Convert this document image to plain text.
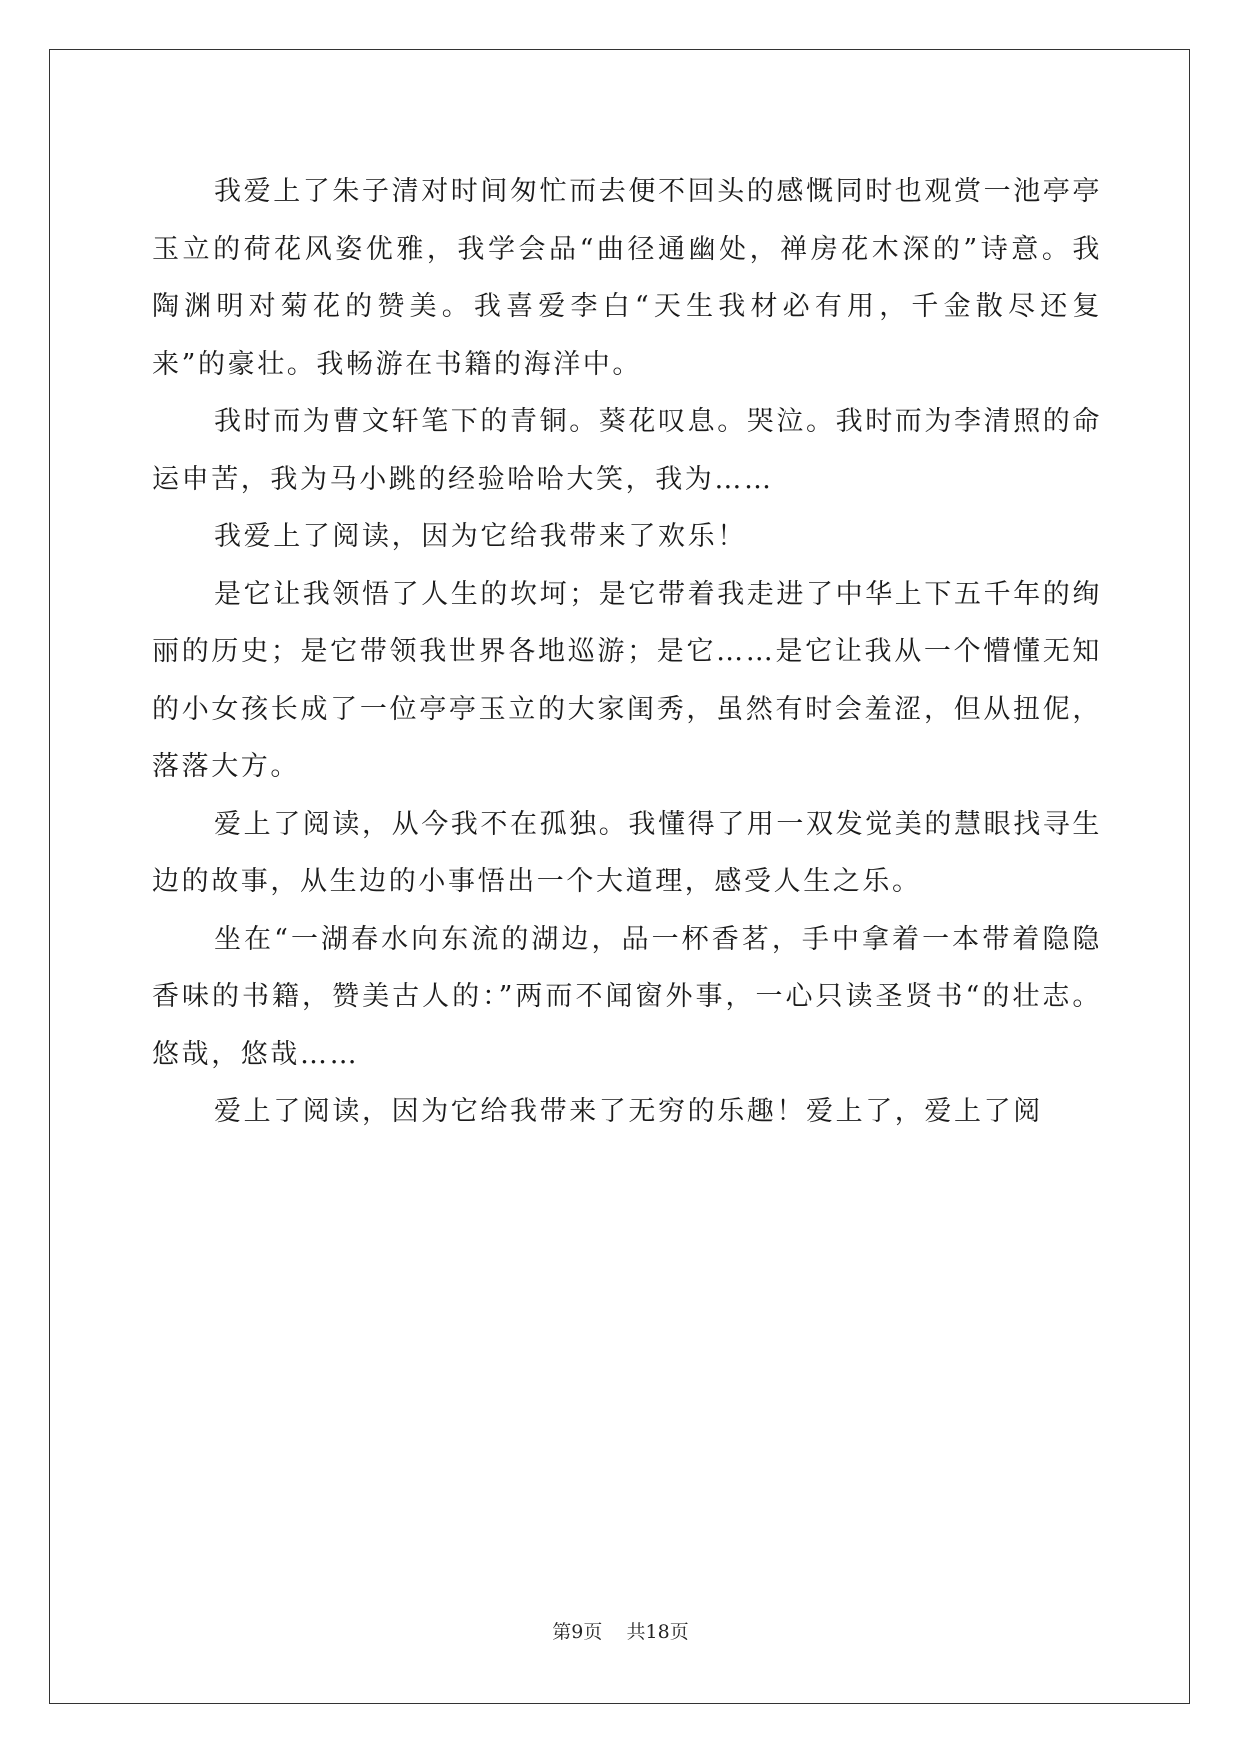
我爱上了朱子清对时间匆忙而去便不回头的感慨同时也观赏一池亭亭玉立的荷花风姿优雅，我学会品“曲径通幽处，禅房花木深的”诗意。我陶渊明对菊花的赞美。我喜爱李白“天生我材必有用，千金散尽还复来”的豪壮。我畅游在书籍的海洋中。

我时而为曹文轩笔下的青铜。葵花叹息。哭泣。我时而为李清照的命运申苦，我为马小跳的经验哈哈大笑，我为……

我爱上了阅读，因为它给我带来了欢乐！

是它让我领悟了人生的坎坷；是它带着我走进了中华上下五千年的绚丽的历史；是它带领我世界各地巡游；是它……是它让我从一个懵懂无知的小女孩长成了一位亭亭玉立的大家闺秀，虽然有时会羞涩，但从扭伲，落落大方。

爱上了阅读，从今我不在孤独。我懂得了用一双发觉美的慧眼找寻生边的故事，从生边的小事悟出一个大道理，感受人生之乐。

坐在“一湖春水向东流的湖边，品一杯香茗，手中拿着一本带着隐隐香味的书籍，赞美古人的：”两而不闻窗外事，一心只读圣贤书“的壮志。悠哉，悠哉……

爱上了阅读，因为它给我带来了无穷的乐趣！爱上了，爱上了阅

第9页 共18页
